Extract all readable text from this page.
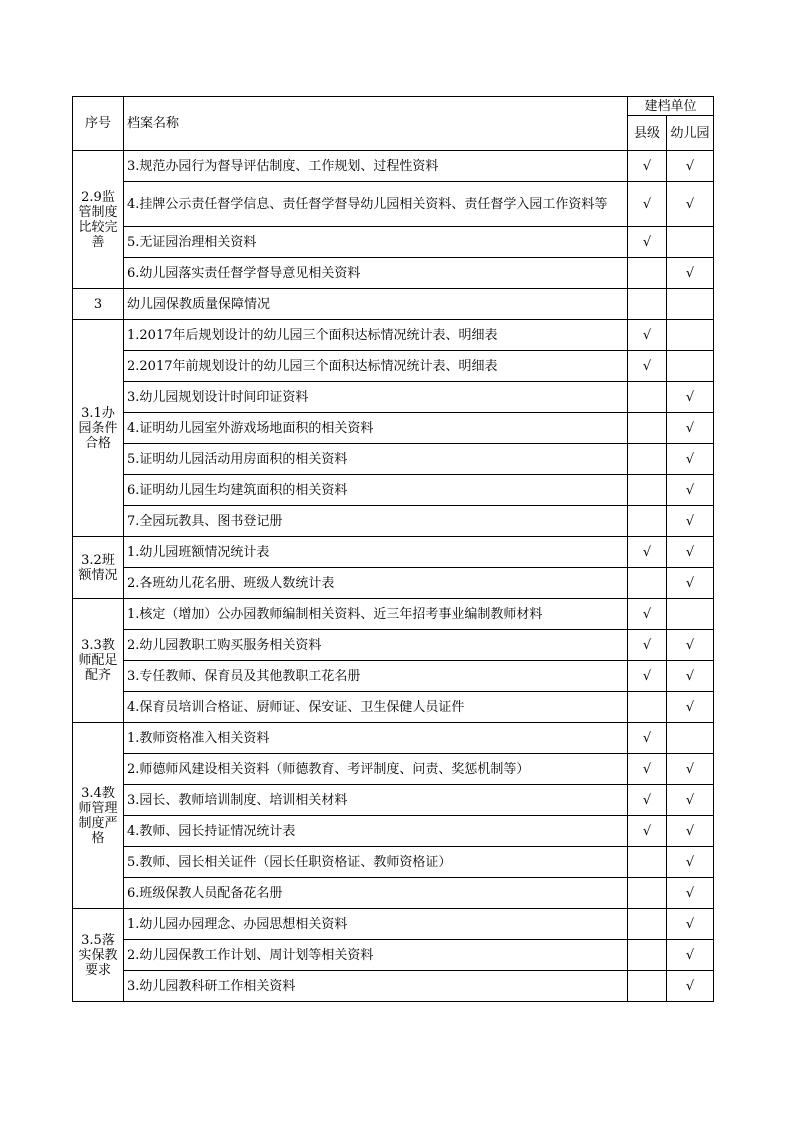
序号	档案名称	建档单位	
		县级	幼儿园
2.9监管制度比较完善	3.规范办园行为督导评估制度、工作规划、过程性资料	√	√
	4.挂牌公示责任督学信息、责任督学督导幼儿园相关资料、责任督学入园工作资料等	√	√
	5.无证园治理相关资料	√	
	6.幼儿园落实责任督学督导意见相关资料		√
3	幼儿园保教质量保障情况		
3.1办园条件合格	1.2017年后规划设计的幼儿园三个面积达标情况统计表、明细表	√	
	2.2017年前规划设计的幼儿园三个面积达标情况统计表、明细表	√	
	3.幼儿园规划设计时间印证资料		√
	4.证明幼儿园室外游戏场地面积的相关资料		√
	5.证明幼儿园活动用房面积的相关资料		√
	6.证明幼儿园生均建筑面积的相关资料		√
	7.全园玩教具、图书登记册		√
3.2班额情况	1.幼儿园班额情况统计表	√	√
	2.各班幼儿花名册、班级人数统计表		√
3.3教师配足配齐	1.核定（增加）公办园教师编制相关资料、近三年招考事业编制教师材料	√	
	2.幼儿园教职工购买服务相关资料	√	√
	3.专任教师、保育员及其他教职工花名册	√	√
	4.保育员培训合格证、厨师证、保安证、卫生保健人员证件		√
3.4教师管理制度严格	1.教师资格准入相关资料	√	
	2.师德师风建设相关资料（师德教育、考评制度、问责、奖惩机制等）	√	√
	3.园长、教师培训制度、培训相关材料	√	√
	4.教师、园长持证情况统计表	√	√
	5.教师、园长相关证件（园长任职资格证、教师资格证）		√
	6.班级保教人员配备花名册		√
3.5落实保教要求	1.幼儿园办园理念、办园思想相关资料		√
	2.幼儿园保教工作计划、周计划等相关资料		√
	3.幼儿园教科研工作相关资料		√
